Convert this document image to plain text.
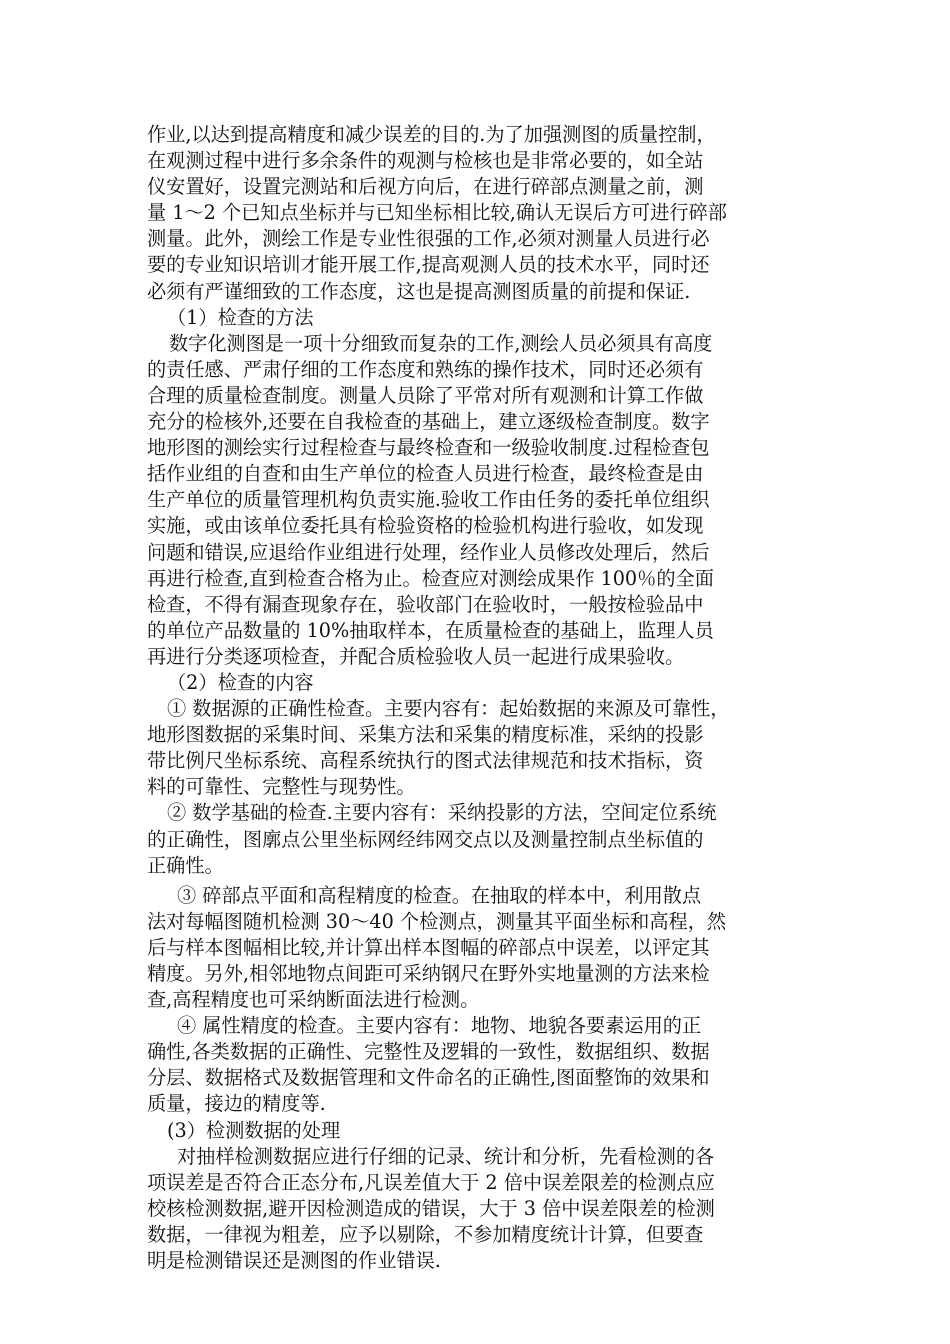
作业,以达到提高精度和减少误差的目的.为了加强测图的质量控制，
在观测过程中进行多余条件的观测与检核也是非常必要的，如全站
仪安置好，设置完测站和后视方向后，在进行碎部点测量之前，测
量 1～2 个已知点坐标并与已知坐标相比较,确认无误后方可进行碎部
测量。此外，测绘工作是专业性很强的工作,必须对测量人员进行必
要的专业知识培训才能开展工作,提高观测人员的技术水平，同时还
必须有严谨细致的工作态度，这也是提高测图质量的前提和保证.

（1）检查的方法

数字化测图是一项十分细致而复杂的工作,测绘人员必须具有高度
的责任感、严肃仔细的工作态度和熟练的操作技术，同时还必须有
合理的质量检查制度。测量人员除了平常对所有观测和计算工作做
充分的检核外,还要在自我检查的基础上，建立逐级检查制度。数字
地形图的测绘实行过程检查与最终检查和一级验收制度.过程检查包
括作业组的自查和由生产单位的检查人员进行检查，最终检查是由
生产单位的质量管理机构负责实施.验收工作由任务的委托单位组织
实施，或由该单位委托具有检验资格的检验机构进行验收，如发现
问题和错误,应退给作业组进行处理，经作业人员修改处理后，然后
再进行检查,直到检查合格为止。检查应对测绘成果作 100％的全面
检查，不得有漏查现象存在，验收部门在验收时，一般按检验品中
的单位产品数量的 10%抽取样本，在质量检查的基础上，监理人员
再进行分类逐项检查，并配合质检验收人员一起进行成果验收。

（2）检查的内容

① 数据源的正确性检查。主要内容有：起始数据的来源及可靠性，
地形图数据的采集时间、采集方法和采集的精度标准，采纳的投影
带比例尺坐标系统、高程系统执行的图式法律规范和技术指标，资
料的可靠性、完整性与现势性。

② 数学基础的检查.主要内容有：采纳投影的方法，空间定位系统
的正确性，图廓点公里坐标网经纬网交点以及测量控制点坐标值的
正确性。

③ 碎部点平面和高程精度的检查。在抽取的样本中，利用散点
法对每幅图随机检测 30～40 个检测点，测量其平面坐标和高程，然
后与样本图幅相比较,并计算出样本图幅的碎部点中误差，以评定其
精度。另外,相邻地物点间距可采纳钢尺在野外实地量测的方法来检
查,高程精度也可采纳断面法进行检测。

④ 属性精度的检查。主要内容有：地物、地貌各要素运用的正
确性,各类数据的正确性、完整性及逻辑的一致性，数据组织、数据
分层、数据格式及数据管理和文件命名的正确性,图面整饰的效果和
质量，接边的精度等.

(3）检测数据的处理

对抽样检测数据应进行仔细的记录、统计和分析，先看检测的各
项误差是否符合正态分布,凡误差值大于 2 倍中误差限差的检测点应
校核检测数据,避开因检测造成的错误，大于 3 倍中误差限差的检测
数据，一律视为粗差，应予以剔除，不参加精度统计计算，但要查
明是检测错误还是测图的作业错误.
